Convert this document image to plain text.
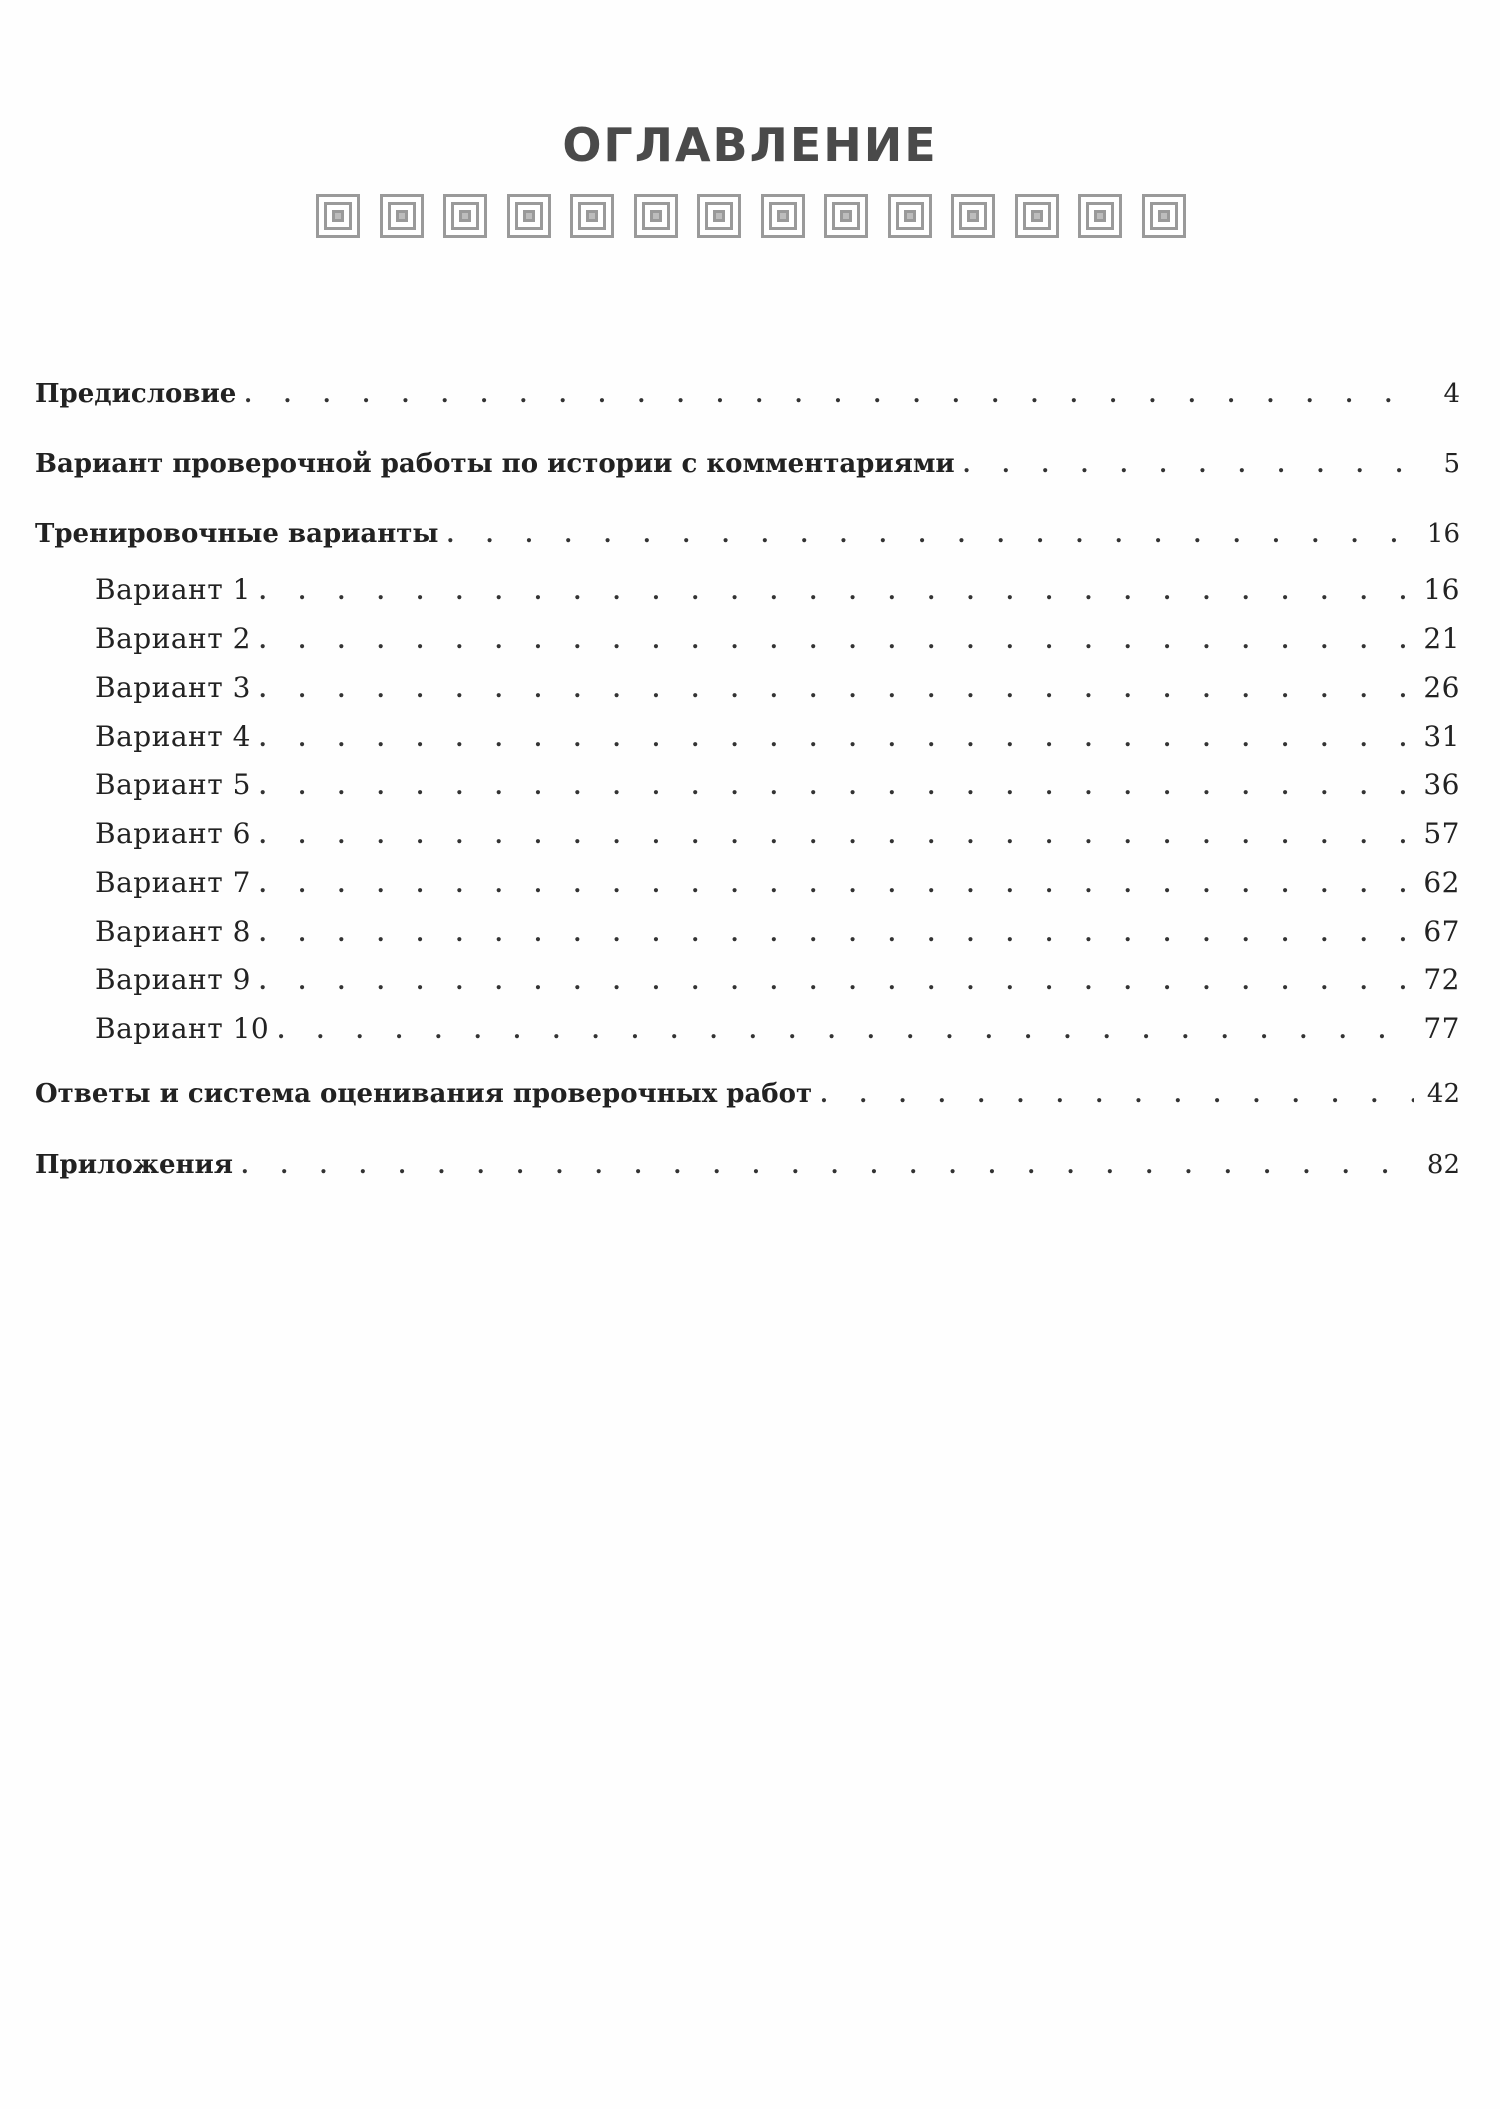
ОГЛАВЛЕНИЕ
Предисловие . . .	4
Вариант проверочной работы по истории с комментариями . . .	5
Тренировочные варианты . . .	16
Вариант 1 . . .	16
Вариант 2 . . .	21
Вариант 3 . . .	26
Вариант 4 . . .	31
Вариант 5 . . .	36
Вариант 6 . . .	57
Вариант 7 . . .	62
Вариант 8 . . .	67
Вариант 9 . . .	72
Вариант 10 . . .	77
Ответы и система оценивания проверочных работ . . .	42
Приложения . . .	82
